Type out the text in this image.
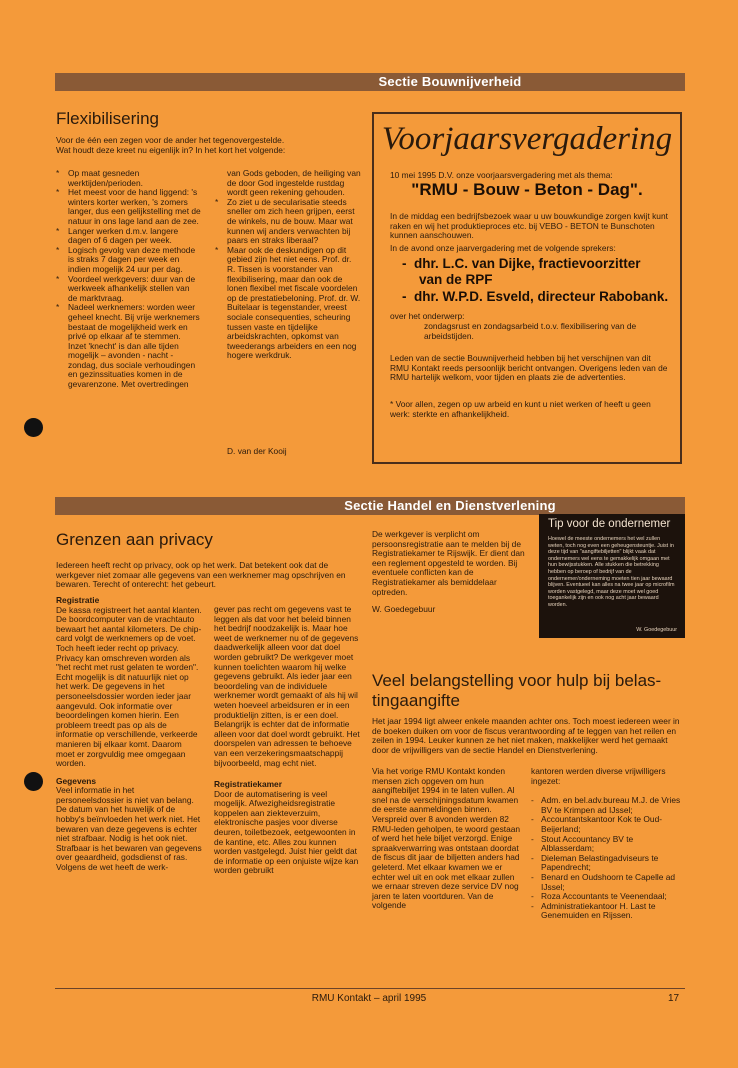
Sectie Bouwnijverheid
Flexibilisering
Voor de één een zegen voor de ander het tegenovergestelde.
Wat houdt deze kreet nu eigenlijk in? In het kort het volgende:
* Op maat gesneden werktijden/perioden.
* Het meest voor de hand liggend: 's winters korter werken, 's zomers langer, dus een gelijkstelling met de natuur in ons lage land aan de zee.
* Langer werken d.m.v. langere dagen of 6 dagen per week.
* Logisch gevolg van deze methode is straks 7 dagen per week en indien mogelijk 24 uur per dag.
* Voordeel werkgevers: duur van de werkweek afhankelijk stellen van de marktvraag.
* Nadeel werknemers: worden weer geheel knecht. Bij vrije werknemers bestaat de mogelijkheid werk en privé op elkaar af te stemmen. Inzet 'knecht' is dan alle tijden mogelijk – avonden - nacht - zondag, dus sociale verhoudingen en gezinssituaties komen in de gevarenzone. Met overtredingen
van Gods geboden, de heiliging van de door God ingestelde rustdag wordt geen rekening gehouden.
* Zo ziet u de secularisatie steeds sneller om zich heen grijpen, eerst de winkels, nu de bouw. Maar wat kunnen wij anders verwachten bij paars en straks liberaal?
* Maar ook de deskundigen op dit gebied zijn het niet eens. Prof. dr. R. Tissen is voorstander van flexibilisering, maar dan ook de lonen flexibel met fiscale voordelen op de prestatiebeloning. Prof. dr. W. Buitelaar is tegenstander, vreest sociale consequenties, scheuring tussen vaste en tijdelijke arbeidskrachten, opkomst van tweederangs arbeiders en een nog hogere werkdruk.
D. van der Kooij
Voorjaarsvergadering
10 mei 1995 D.V. onze voorjaarsvergadering met als thema:
"RMU - Bouw - Beton - Dag".
In de middag een bedrijfsbezoek waar u uw bouwkundige zorgen kwijt kunt raken en wij het produktieproces etc. bij VEBO - BETON te Bunschoten kunnen aanschouwen.
In de avond onze jaarvergadering met de volgende sprekers:
-  dhr. L.C. van Dijke, fractievoorzitter
van de RPF
-  dhr. W.P.D. Esveld, directeur Rabobank.
over het onderwerp:
zondagsrust en zondagsarbeid t.o.v. flexibilisering van de arbeidstijden.
Leden van de sectie Bouwnijverheid hebben bij het verschijnen van dit RMU Kontakt reeds persoonlijk bericht ontvangen. Overigens leden van de RMU hartelijk welkom, voor tijden en plaats zie de advertenties.
* Voor allen, zegen op uw arbeid en kunt u niet werken of heeft u geen werk: sterkte en afhankelijkheid.
Sectie Handel en Dienstverlening
Grenzen aan privacy
Iedereen heeft recht op privacy, ook op het werk. Dat betekent ook dat de werkgever niet zomaar alle gegevens van een werknemer mag opschrijven en bewaren. Terecht of onterecht: het gebeurt.
Registratie
De kassa registreert het aantal klanten. De boordcomputer van de vrachtauto bewaart het aantal kilometers. De chip-card volgt de werknemers op de voet. Toch heeft ieder recht op privacy. Privacy kan omschreven worden als "het recht met rust gelaten te worden".
Echt mogelijk is dit natuurlijk niet op het werk. De gegevens in het personeelsdossier worden ieder jaar aangevuld. Ook informatie over beoordelingen komen hierin. Een probleem treedt pas op als de informatie op verschillende, verkeerde manieren bij elkaar komt. Daarom moet er zorgvuldig mee omgegaan worden.
Gegevens
Veel informatie in het personeelsdossier is niet van belang. De datum van het huwelijk of de hobby's beïnvloeden het werk niet. Het bewaren van deze gegevens is echter niet strafbaar. Nodig is het ook niet. Strafbaar is het bewaren van gegevens over geaardheid, godsdienst of ras. Volgens de wet heeft de werk-
gever pas recht om gegevens vast te leggen als dat voor het beleid binnen het bedrijf noodzakelijk is. Maar hoe weet de werknemer nu of de gegevens daadwerkelijk alleen voor dat doel worden gebruikt? De werkgever moet kunnen toelichten waarom hij welke gegevens gebruikt. Als ieder jaar een beoordeling van de individuele werknemer wordt gemaakt of als hij wil weten hoeveel arbeidsuren er in een produktielijn zitten, is er een doel. Belangrijk is echter dat de informatie alleen voor dat doel wordt gebruikt. Het doorspelen van adressen te behoeve van een verzekeringsmaatschappij bijvoorbeeld, mag echt niet.
Registratiekamer
Door de automatisering is veel mogelijk. Afwezigheidsregistratie koppelen aan ziekteverzuim, elektronische pasjes voor diverse deuren, toiletbezoek, eetgewoonten in de kantine, etc. Alles zou kunnen worden vastgelegd. Juist hier geldt dat de informatie op een onjuiste wijze kan worden gebruikt
De werkgever is verplicht om persoonsregistratie aan te melden bij de Registratiekamer te Rijswijk. Er dient dan een reglement opgesteld te worden. Bij eventuele conflicten kan de Registratiekamer als bemiddelaar optreden.
W. Goedegebuur
Tip voor de ondernemer
Hoewel de meeste ondernemers het wel zullen weten, toch nog even een geheugensteuntje. Juist in deze tijd van "aangiftebiljetten" blijkt vaak dat ondernemers wel eens te gemakkelijk omgaan met hun bewijsstukken. Alle stukken die betrekking hebben op beroep of bedrijf van de ondernemer/onderneming moeten tien jaar bewaard blijven. Eventueel kan alles na twee jaar op microfilm worden vastgelegd, maar deze moet wel goed toegankelijk zijn en ook nog acht jaar bewaard worden.
W. Goedegebuur
Veel belangstelling voor hulp bij belas-
tingaangifte
Het jaar 1994 ligt alweer enkele maanden achter ons. Toch moest iedereen weer in de boeken duiken om voor de fiscus verantwoording af te leggen van het reilen en zeilen in 1994. Leuker kunnen ze het niet maken, makkelijker werd het gemaakt door de vrijwilligers van de sectie Handel en Dienstverlening.
Via het vorige RMU Kontakt konden mensen zich opgeven om hun aangiftebiljet 1994 in te laten vullen. Al snel na de verschijningsdatum kwamen de eerste aanmeldingen binnen. Verspreid over 8 avonden werden 82 RMU-leden geholpen, te woord gestaan of werd het hele biljet verzorgd. Enige spraakverwarring was ontstaan doordat de fiscus dit jaar de biljetten anders had geleterd. Met elkaar kwamen we er echter wel uit en ook met elkaar zullen we ernaar streven deze service DV nog jaren te laten voortduren. Van de volgende
kantoren werden diverse vrijwilligers ingezet:
- Adm. en bel.adv.bureau M.J. de Vries BV te Krimpen ad IJssel;
- Accountantskantoor Kok te Oud-Beijerland;
- Stout Accountancy BV te Alblasserdam;
- Dieleman Belastingadviseurs te Papendrecht;
- Benard en Oudshoorn te Capelle ad IJssel;
- Roza Accountants te Veenendaal;
- Administratiekantoor H. Last te Genemuiden en Rijssen.
RMU Kontakt – april 1995	17
